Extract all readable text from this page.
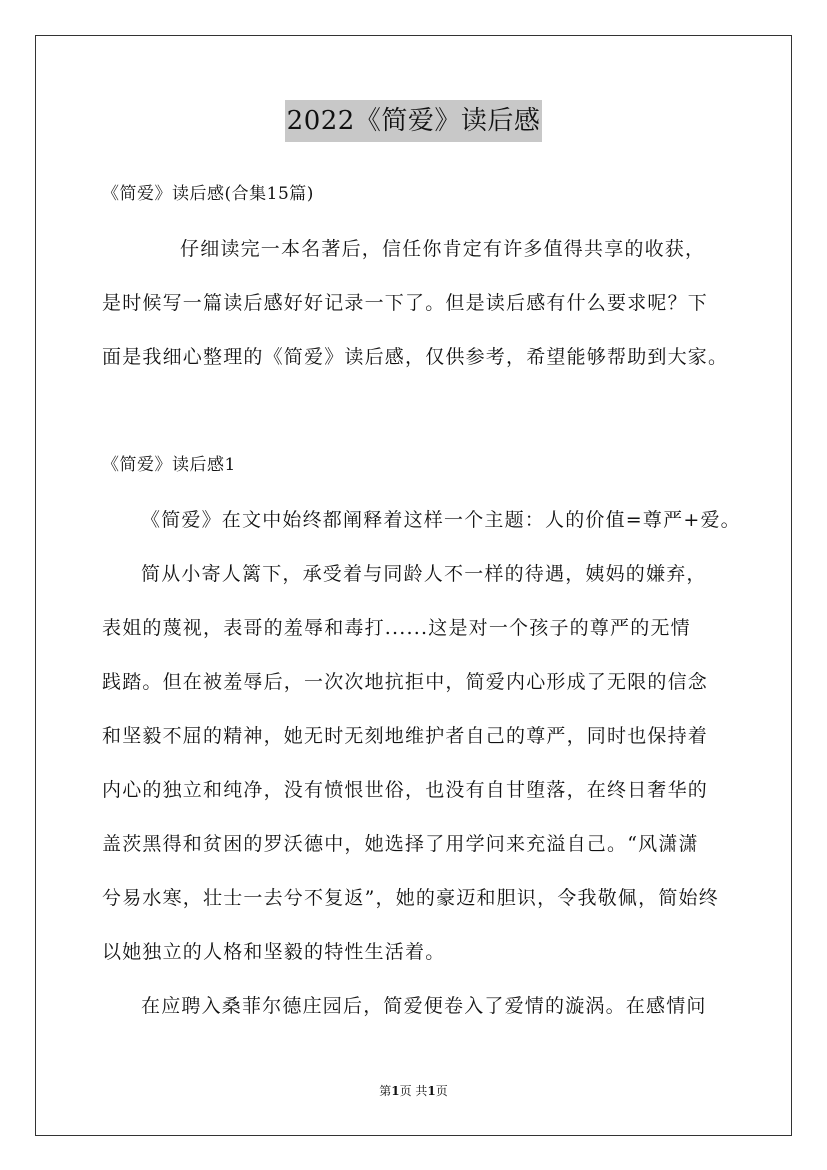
2022《简爱》读后感
《简爱》读后感(合集15篇)
仔细读完一本名著后，信任你肯定有许多值得共享的收获，
是时候写一篇读后感好好记录一下了。但是读后感有什么要求呢？下
面是我细心整理的《简爱》读后感，仅供参考，希望能够帮助到大家。
《简爱》读后感1
《简爱》在文中始终都阐释着这样一个主题：人的价值=尊严+爱。
简从小寄人篱下，承受着与同龄人不一样的待遇，姨妈的嫌弃，
表姐的蔑视，表哥的羞辱和毒打......这是对一个孩子的尊严的无情
践踏。但在被羞辱后，一次次地抗拒中，简爱内心形成了无限的信念
和坚毅不屈的精神，她无时无刻地维护者自己的尊严，同时也保持着
内心的独立和纯净，没有愤恨世俗，也没有自甘堕落，在终日奢华的
盖茨黑得和贫困的罗沃德中，她选择了用学问来充溢自己。“风潇潇
兮易水寒，壮士一去兮不复返”，她的豪迈和胆识，令我敬佩，简始终
以她独立的人格和坚毅的特性生活着。
在应聘入桑菲尔德庄园后，简爱便卷入了爱情的漩涡。在感情问
第1页 共1页
